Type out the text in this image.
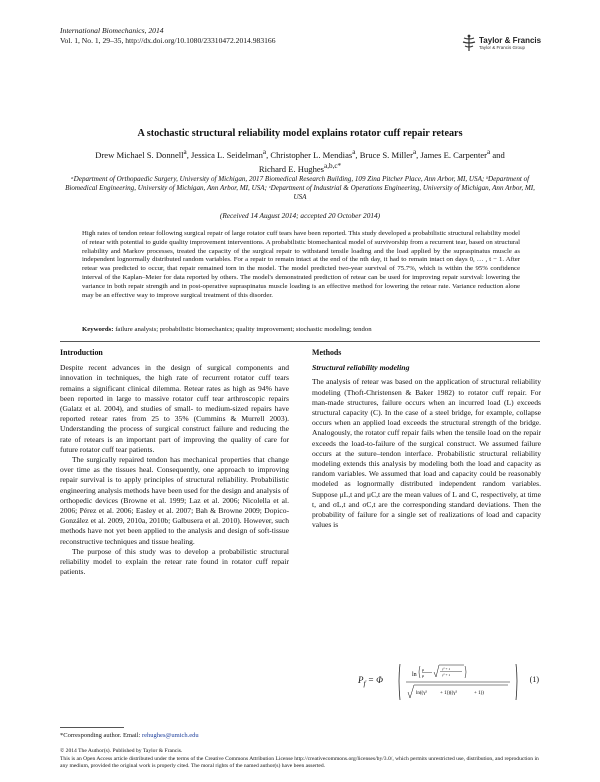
International Biomechanics, 2014
Vol. 1, No. 1, 29–35, http://dx.doi.org/10.1080/23310472.2014.983166	Taylor & Francis
Taylor & Francis Group
A stochastic structural reliability model explains rotator cuff repair retears
Drew Michael S. Donnell$^a$, Jessica L. Seidelman$^a$, Christopher L. Mendias$^a$, Bruce S. Miller$^a$, James E. Carpenter$^a$ and
Richard E. Hughes$^{a,b,c*}$
ᵃDepartment of Orthopaedic Surgery, University of Michigan, 2017 Biomedical Research Building, 109 Zina Pitcher Place, Ann Arbor, MI, USA; ᵇDepartment of Biomedical Engineering, University of Michigan, Ann Arbor, MI, USA; ᶜDepartment of Industrial & Operations Engineering, University of Michigan, Ann Arbor, MI, USA
(Received 14 August 2014; accepted 20 October 2014)
High rates of tendon retear following surgical repair of large rotator cuff tears have been reported. This study developed a probabilistic structural reliability model of retear with potential to guide quality improvement interventions. A probabilistic biomechanical model of survivorship from a recurrent tear, based on structural reliability and Markov processes, treated the capacity of the surgical repair to withstand tensile loading and the load applied by the supraspinatus muscle as independent lognormally distributed random variables. For a repair to remain intact at the end of the nth day, it had to remain intact on days 0, … , t − 1. After retear was predicted to occur, that repair remained torn in the model. The model predicted two-year survival of 75.7%, which is within the 95% confidence interval of the Kaplan–Meier for data reported by others. The model's demonstrated prediction of retear can be used for improving repair survival: lowering the variance in both repair strength and in post-operative supraspinatus muscle loading is an effective method for lowering the retear rate. Variance reduction alone may be an effective way to improve surgical treatment of this disorder.
Keywords: failure analysis; probabilistic biomechanics; quality improvement; stochastic modeling; tendon
Introduction

Despite recent advances in the design of surgical components and innovation in techniques, the high rate of recurrent rotator cuff tears remains a significant clinical dilemma. Retear rates as high as 94% have been reported in large to massive rotator cuff tear arthroscopic repairs (Galatz et al. 2004), and studies of small- to medium-sized repairs have reported retear rates from 25 to 35% (Cummins & Murrell 2003). Understanding the process of surgical construct failure and reducing the rate of retears is an important part of improving the quality of care for future rotator cuff tear patients.

The surgically repaired tendon has mechanical properties that change over time as the tissues heal. Consequently, one approach to improving repair survival is to apply principles of structural reliability. Probabilistic engineering analysis methods have been used for the design and analysis of orthopedic devices (Browne et al. 1999; Laz et al. 2006; Nicolella et al. 2006; Pérez et al. 2006; Easley et al. 2007; Bah & Browne 2009; Dopico-González et al. 2009, 2010a, 2010b; Galbusera et al. 2010). However, such methods have not yet been applied to the analysis and design of soft-tissue reconstructive techniques and tissue healing.

The purpose of this study was to develop a probabilistic structural reliability model to explain the retear rate found in rotator cuff repair patients.

Methods
Structural reliability modeling

The analysis of retear was based on the application of structural reliability modeling (Thoft-Christensen & Baker 1982) to rotator cuff repair. For man-made structures, failure occurs when an incurred load (L) exceeds structural capacity (C). In the case of a steel bridge, for example, collapse occurs when an applied load exceeds the structural strength of the bridge. Analogously, the rotator cuff repair fails when the tensile load on the repair exceeds the load-to-failure of the surgical construct. We assumed failure occurs at the suture–tendon interface. Probabilistic structural reliability modeling extends this analysis by modeling both the load and capacity as random variables. We assumed that load and capacity could be reasonably modeled as lognormally distributed independent random variables. Suppose μL,t and μC,t are the mean values of L and C, respectively, at time t, and σL,t and σC,t are the corresponding standard deviations. Then the probability of failure for a single set of realizations of load and capacity values is

$P_f = \Phi$	ln
μ
μ
γ² + 1
γ² + 1
ln((γ²	+ 1))((γ²	+ 1))
(1)
*Corresponding author. Email: rehughes@umich.edu
© 2014 The Author(s). Published by Taylor & Francis.
This is an Open Access article distributed under the terms of the Creative Commons Attribution License http://creativecommons.org/licenses/by/3.0/, which permits unrestricted use, distribution, and reproduction in any medium, provided the original work is properly cited. The moral rights of the named author(s) have been asserted.
